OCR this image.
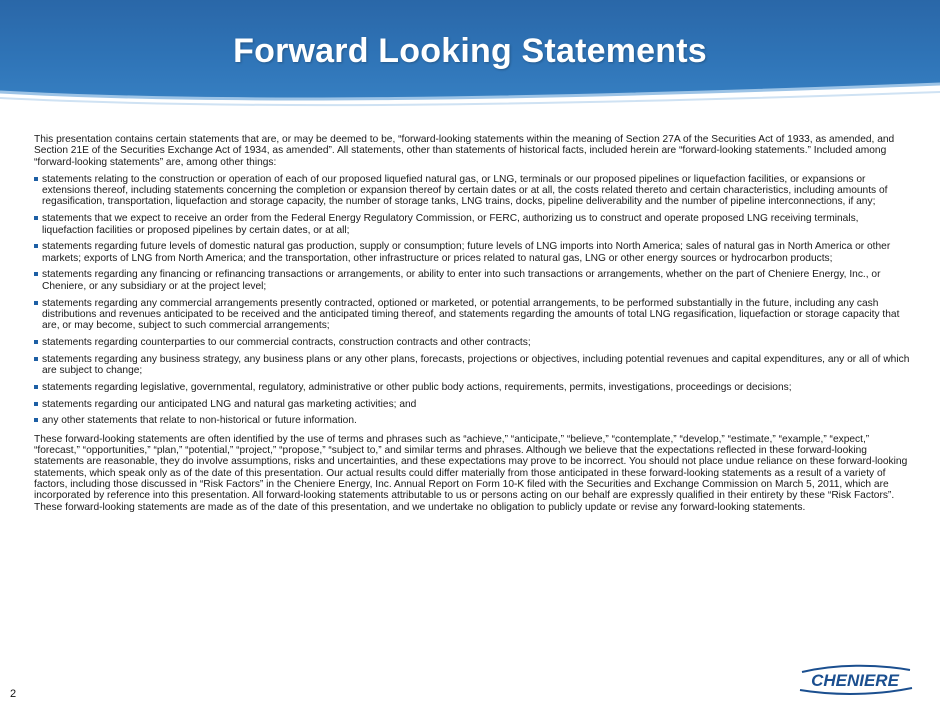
Forward Looking Statements

This presentation contains certain statements that are, or may be deemed to be, “forward-looking statements within the meaning of Section 27A of the Securities Act of 1933, as amended, and Section 21E of the Securities Exchange Act of 1934, as amended”. All statements, other than statements of historical facts, included herein are “forward-looking statements.” Included among “forward-looking statements” are, among other things:

statements relating to the construction or operation of each of our proposed liquefied natural gas, or LNG, terminals or our proposed pipelines or liquefaction facilities, or expansions or extensions thereof, including statements concerning the completion or expansion thereof by certain dates or at all, the costs related thereto and certain characteristics, including amounts of regasification, transportation, liquefaction and storage capacity, the number of storage tanks, LNG trains, docks, pipeline deliverability and the number of pipeline interconnections, if any;
statements that we expect to receive an order from the Federal Energy Regulatory Commission, or FERC, authorizing us to construct and operate proposed LNG receiving terminals, liquefaction facilities or proposed pipelines by certain dates, or at all;
statements regarding future levels of domestic natural gas production, supply or consumption; future levels of LNG imports into North America; sales of natural gas in North America or other markets; exports of LNG from North America; and the transportation, other infrastructure or prices related to natural gas, LNG or other energy sources or hydrocarbon products;
statements regarding any financing or refinancing transactions or arrangements, or ability to enter into such transactions or arrangements, whether on the part of Cheniere Energy, Inc., or Cheniere, or any subsidiary or at the project level;
statements regarding any commercial arrangements presently contracted, optioned or marketed, or potential arrangements, to be performed substantially in the future, including any cash distributions and revenues anticipated to be received and the anticipated timing thereof, and statements regarding the amounts of total LNG regasification, liquefaction or storage capacity that are, or may become, subject to such commercial arrangements;
statements regarding counterparties to our commercial contracts, construction contracts and other contracts;
statements regarding any business strategy, any business plans or any other plans, forecasts, projections or objectives, including potential revenues and capital expenditures, any or all of which are subject to change;
statements regarding legislative, governmental, regulatory, administrative or other public body actions, requirements, permits, investigations, proceedings or decisions;
statements regarding our anticipated LNG and natural gas marketing activities; and
any other statements that relate to non-historical or future information.

These forward-looking statements are often identified by the use of terms and phrases such as “achieve,” “anticipate,” “believe,” “contemplate,” “develop,” “estimate,” “example,” “expect,” “forecast,” “opportunities,” “plan,” “potential,” “project,” “propose,” “subject to,” and similar terms and phrases. Although we believe that the expectations reflected in these forward-looking statements are reasonable, they do involve assumptions, risks and uncertainties, and these expectations may prove to be incorrect. You should not place undue reliance on these forward-looking statements, which speak only as of the date of this presentation. Our actual results could differ materially from those anticipated in these forward-looking statements as a result of a variety of factors, including those discussed in “Risk Factors” in the Cheniere Energy, Inc. Annual Report on Form 10-K filed with the Securities and Exchange Commission on March 5, 2011, which are incorporated by reference into this presentation. All forward-looking statements attributable to us or persons acting on our behalf are expressly qualified in their entirety by these “Risk Factors”. These forward-looking statements are made as of the date of this presentation, and we undertake no obligation to publicly update or revise any forward-looking statements.

2
CHENIERE
